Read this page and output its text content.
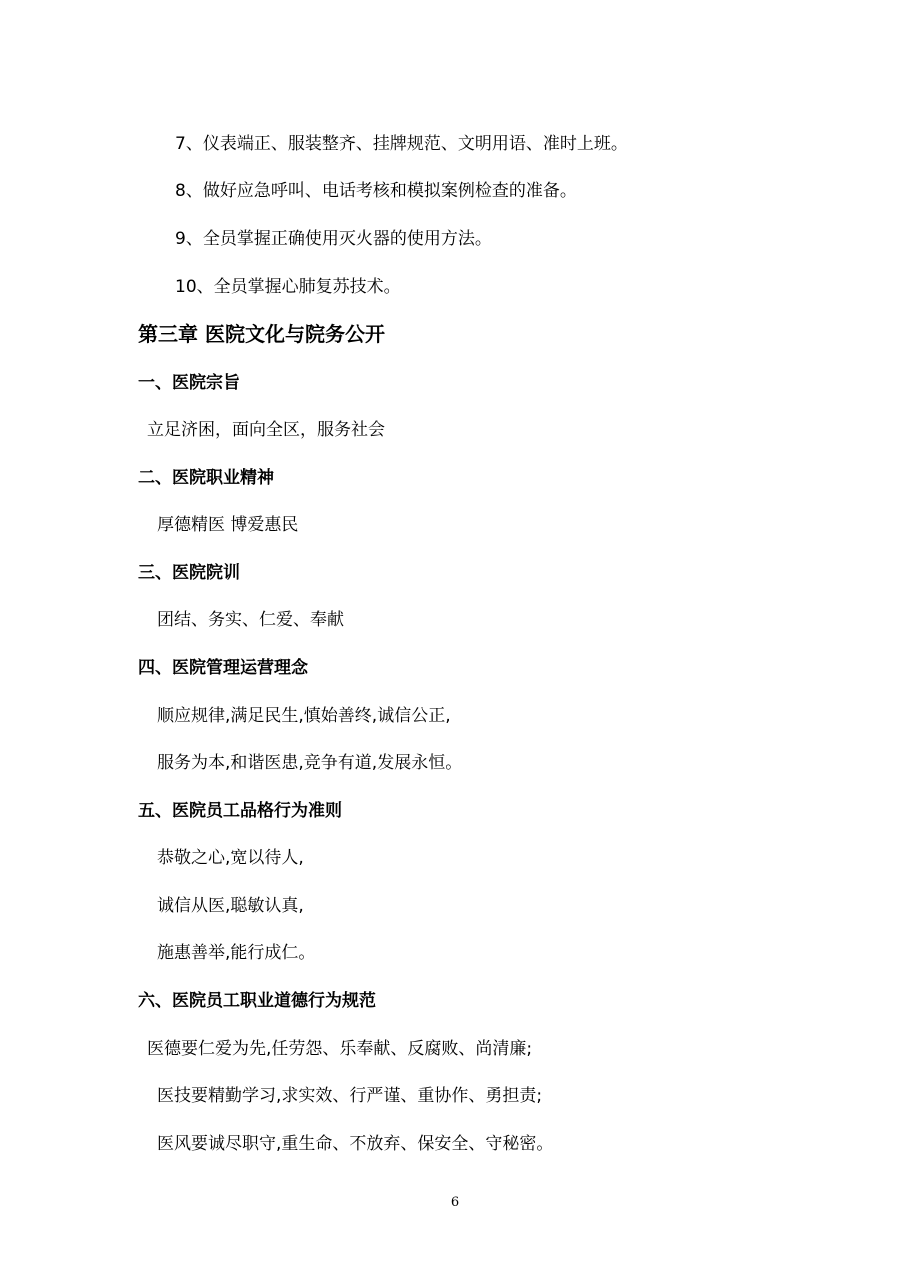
7、仪表端正、服装整齐、挂牌规范、文明用语、准时上班。
8、做好应急呼叫、电话考核和模拟案例检查的准备。
9、全员掌握正确使用灭火器的使用方法。
10、全员掌握心肺复苏技术。
第三章 医院文化与院务公开
一、医院宗旨
立足济困，面向全区，服务社会
二、医院职业精神
厚德精医 博爱惠民
三、医院院训
团结、务实、仁爱、奉献
四、医院管理运营理念
顺应规律,满足民生,慎始善终,诚信公正,
服务为本,和谐医患,竞争有道,发展永恒。
五、医院员工品格行为准则
恭敬之心,宽以待人,
诚信从医,聪敏认真,
施惠善举,能行成仁。
六、医院员工职业道德行为规范
医德要仁爱为先,任劳怨、乐奉献、反腐败、尚清廉;
医技要精勤学习,求实效、行严谨、重协作、勇担责;
医风要诚尽职守,重生命、不放弃、保安全、守秘密。
6
